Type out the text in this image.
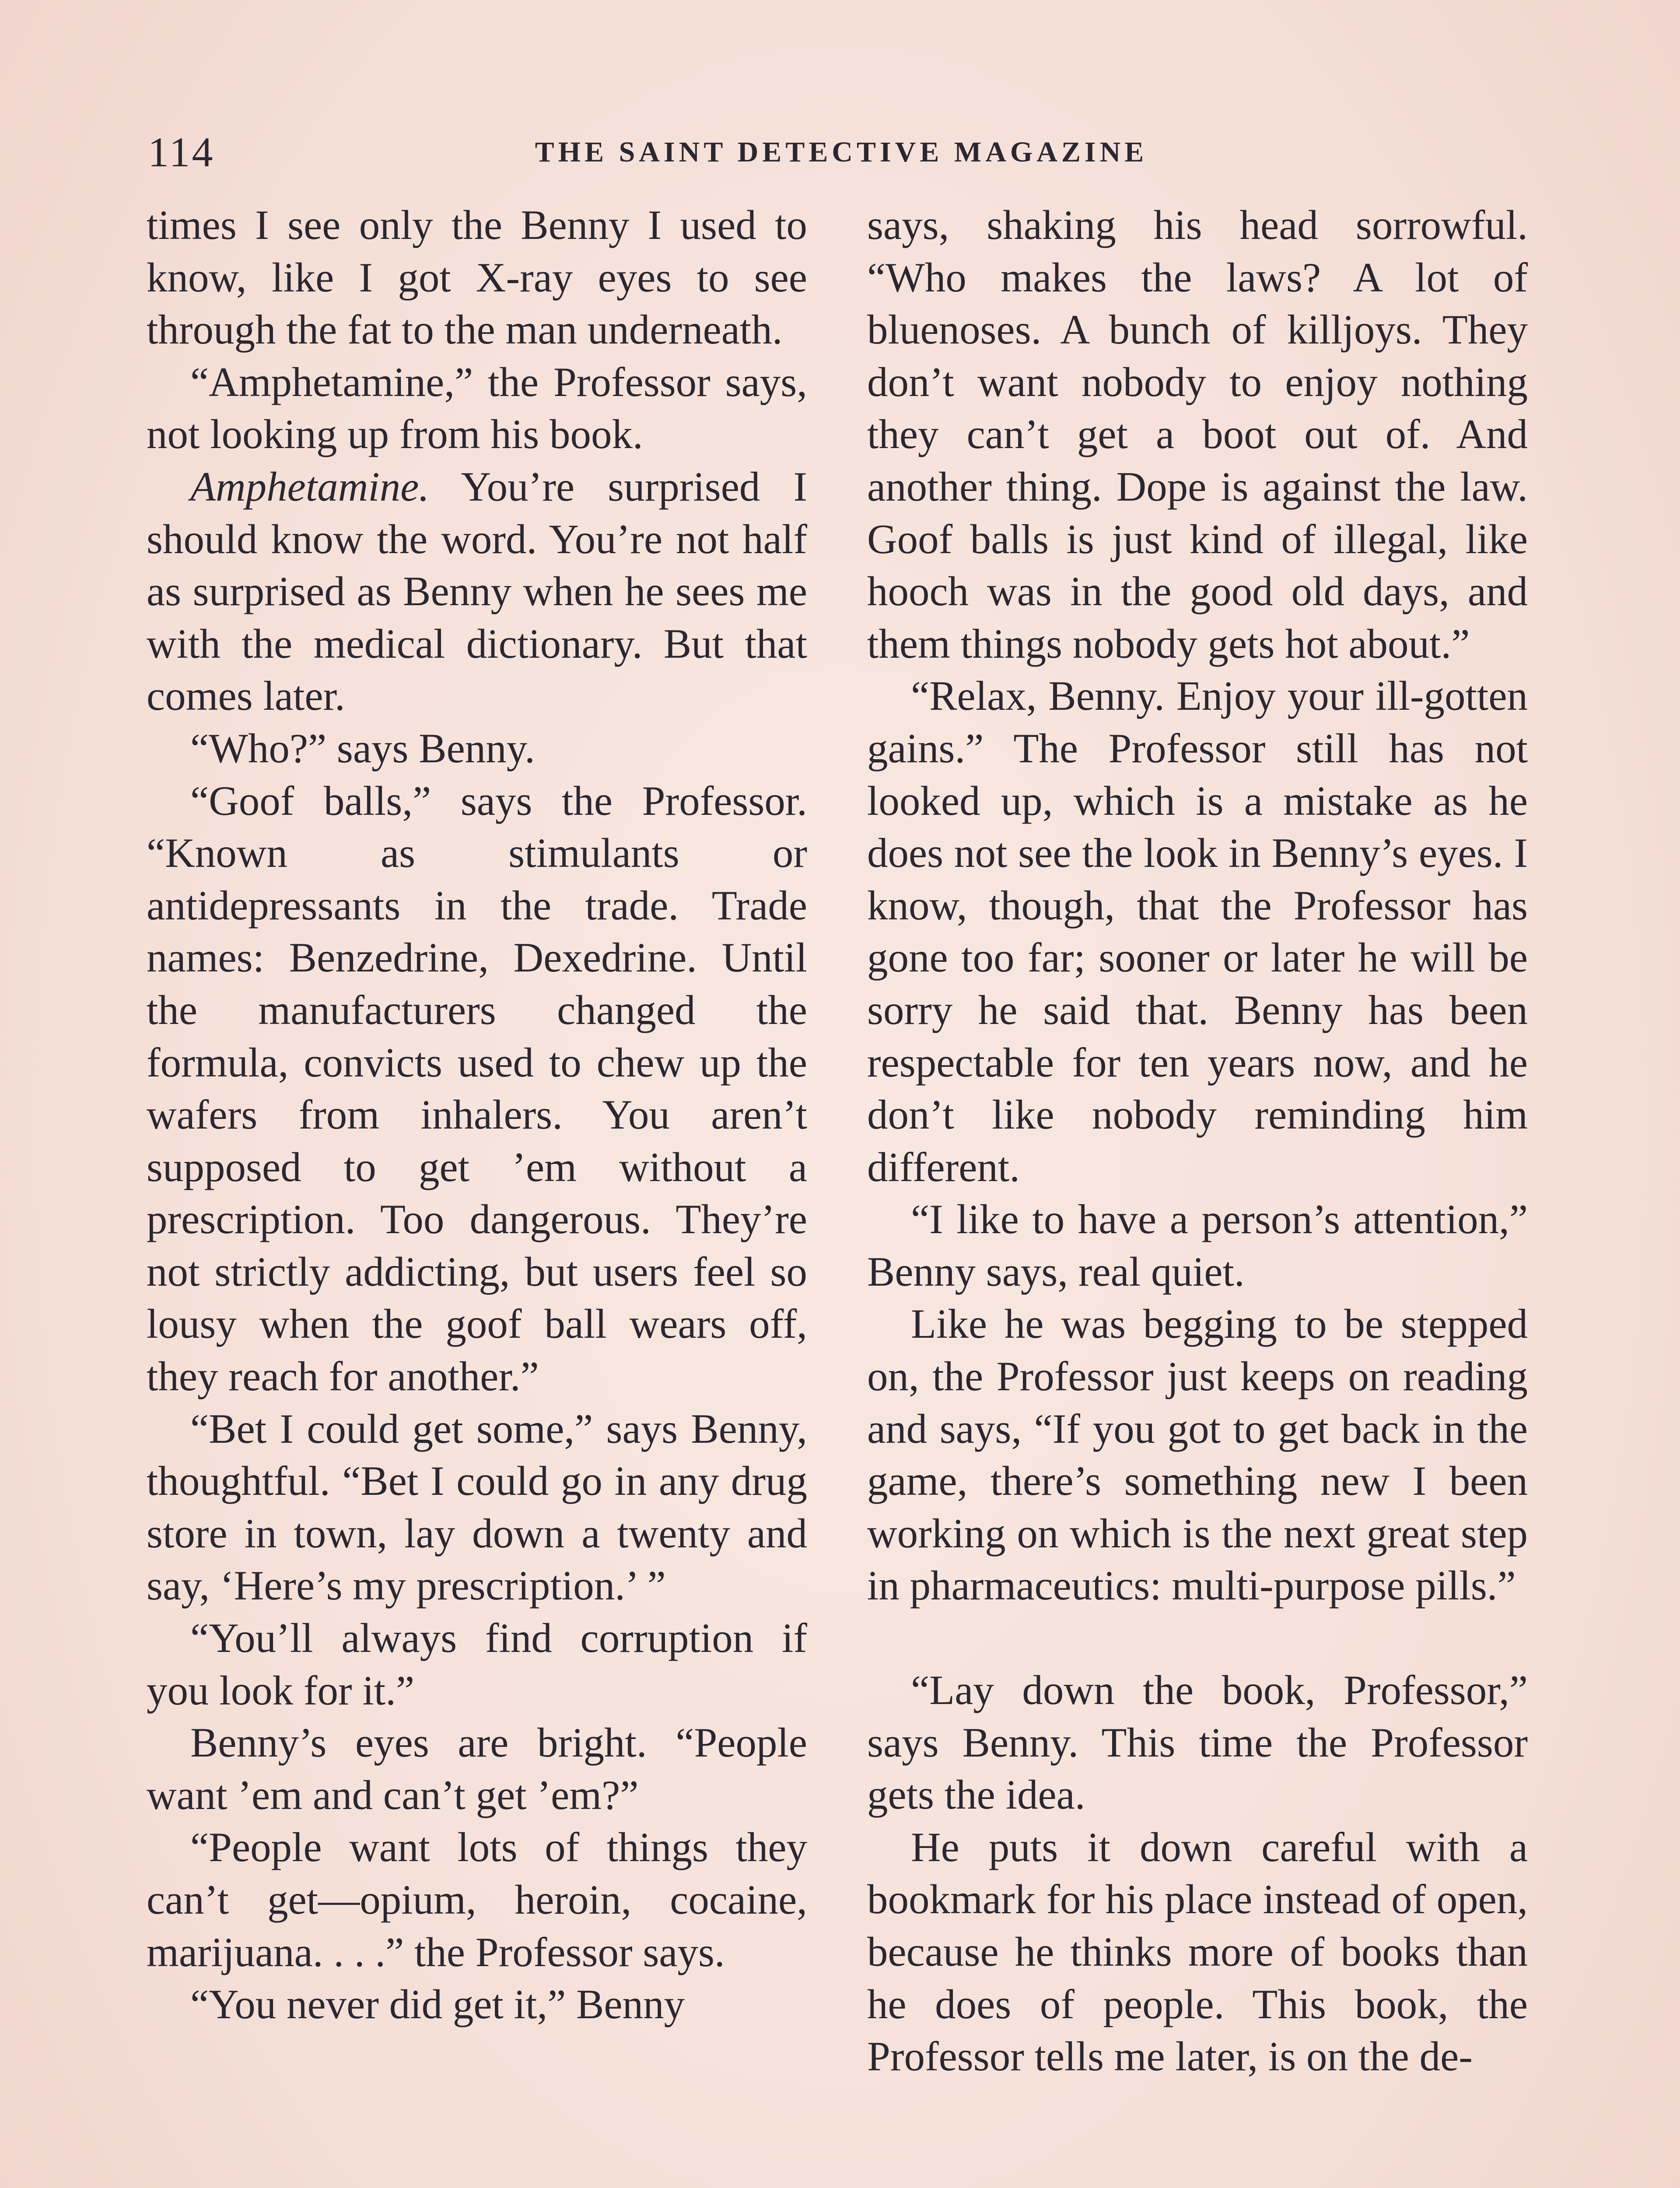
114	THE SAINT DETECTIVE MAGAZINE

times I see only the Benny I used to know, like I got X-ray eyes to see through the fat to the man underneath.

“Amphetamine,” the Professor says, not looking up from his book.

Amphetamine. You’re surprised I should know the word. You’re not half as surprised as Benny when he sees me with the medical dictionary. But that comes later.

“Who?” says Benny.

“Goof balls,” says the Professor. “Known as stimulants or antidepressants in the trade. Trade names: Benzedrine, Dexedrine. Until the manufacturers changed the formula, convicts used to chew up the wafers from inhalers. You aren’t supposed to get ’em without a prescription. Too dangerous. They’re not strictly addicting, but users feel so lousy when the goof ball wears off, they reach for another.”

“Bet I could get some,” says Benny, thoughtful. “Bet I could go in any drug store in town, lay down a twenty and say, ‘Here’s my prescription.’ ”

“You’ll always find corruption if you look for it.”

Benny’s eyes are bright. “People want ’em and can’t get ’em?”

“People want lots of things they can’t get—opium, heroin, cocaine, marijuana. . . .” the Professor says.

“You never did get it,” Benny

says, shaking his head sorrowful. “Who makes the laws? A lot of bluenoses. A bunch of killjoys. They don’t want nobody to enjoy nothing they can’t get a boot out of. And another thing. Dope is against the law. Goof balls is just kind of illegal, like hooch was in the good old days, and them things nobody gets hot about.”

“Relax, Benny. Enjoy your ill-gotten gains.” The Professor still has not looked up, which is a mistake as he does not see the look in Benny’s eyes. I know, though, that the Professor has gone too far; sooner or later he will be sorry he said that. Benny has been respectable for ten years now, and he don’t like nobody reminding him different.

“I like to have a person’s attention,” Benny says, real quiet.

Like he was begging to be stepped on, the Professor just keeps on reading and says, “If you got to get back in the game, there’s something new I been working on which is the next great step in pharmaceutics: multi-purpose pills.”

“Lay down the book, Professor,” says Benny. This time the Professor gets the idea.

He puts it down careful with a bookmark for his place instead of open, because he thinks more of books than he does of people. This book, the Professor tells me later, is on the de-
